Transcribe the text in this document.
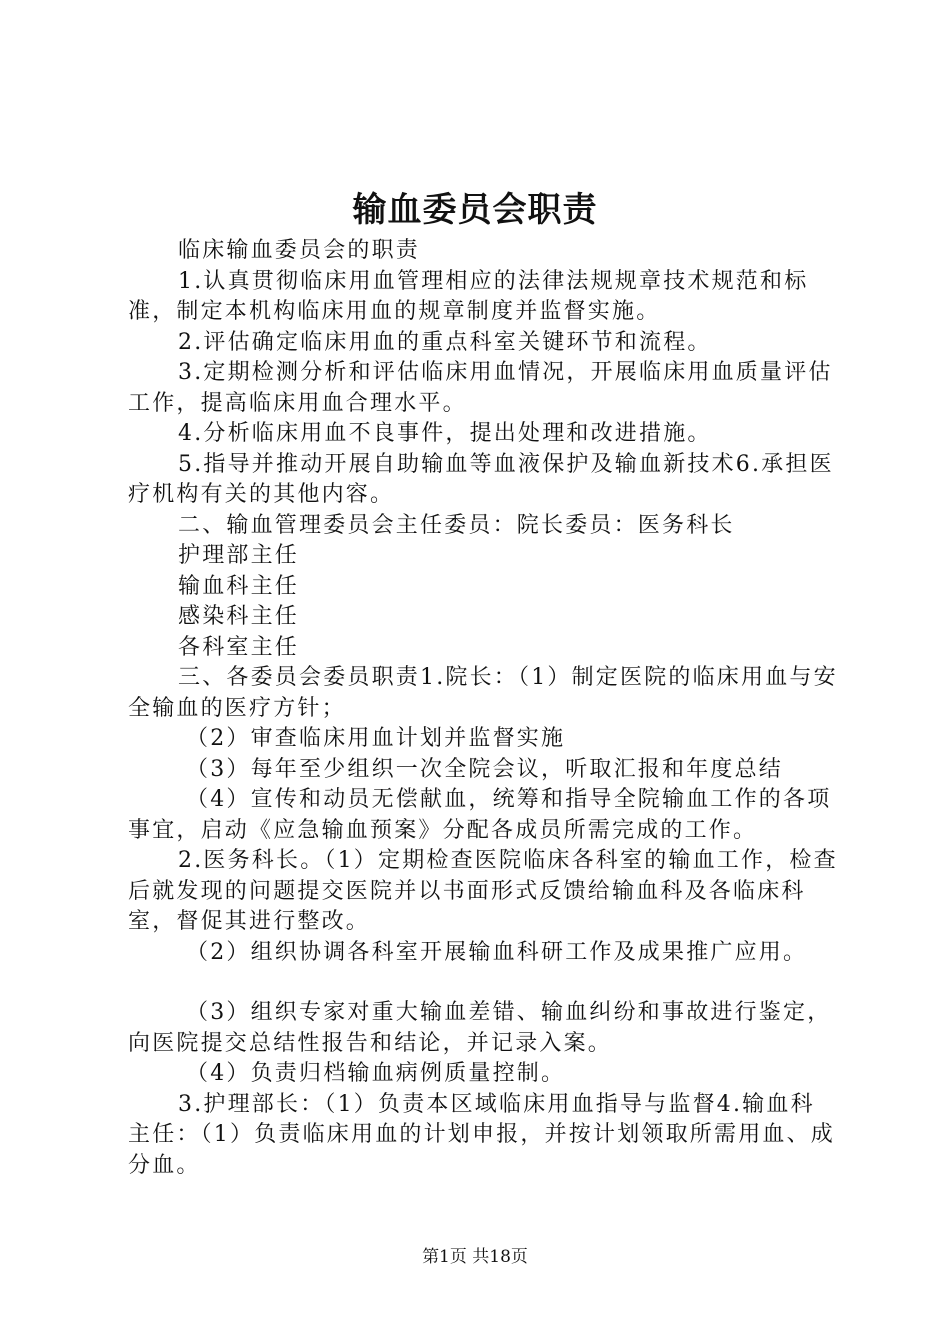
输血委员会职责

临床输血委员会的职责

1.认真贯彻临床用血管理相应的法律法规规章技术规范和标准，制定本机构临床用血的规章制度并监督实施。

2.评估确定临床用血的重点科室关键环节和流程。

3.定期检测分析和评估临床用血情况，开展临床用血质量评估工作，提高临床用血合理水平。

4.分析临床用血不良事件，提出处理和改进措施。

5.指导并推动开展自助输血等血液保护及输血新技术6.承担医疗机构有关的其他内容。

二、输血管理委员会主任委员：院长委员：医务科长

护理部主任

输血科主任

感染科主任

各科室主任

三、各委员会委员职责1.院长：（1）制定医院的临床用血与安全输血的医疗方针；

（2）审查临床用血计划并监督实施

（3）每年至少组织一次全院会议，听取汇报和年度总结

（4）宣传和动员无偿献血，统筹和指导全院输血工作的各项事宜，启动《应急输血预案》分配各成员所需完成的工作。

2.医务科长。（1）定期检查医院临床各科室的输血工作，检查后就发现的问题提交医院并以书面形式反馈给输血科及各临床科室，督促其进行整改。

（2）组织协调各科室开展输血科研工作及成果推广应用。

（3）组织专家对重大输血差错、输血纠纷和事故进行鉴定，向医院提交总结性报告和结论，并记录入案。

（4）负责归档输血病例质量控制。

3.护理部长：（1）负责本区域临床用血指导与监督4.输血科主任：（1）负责临床用血的计划申报，并按计划领取所需用血、成分血。

第1页 共18页
